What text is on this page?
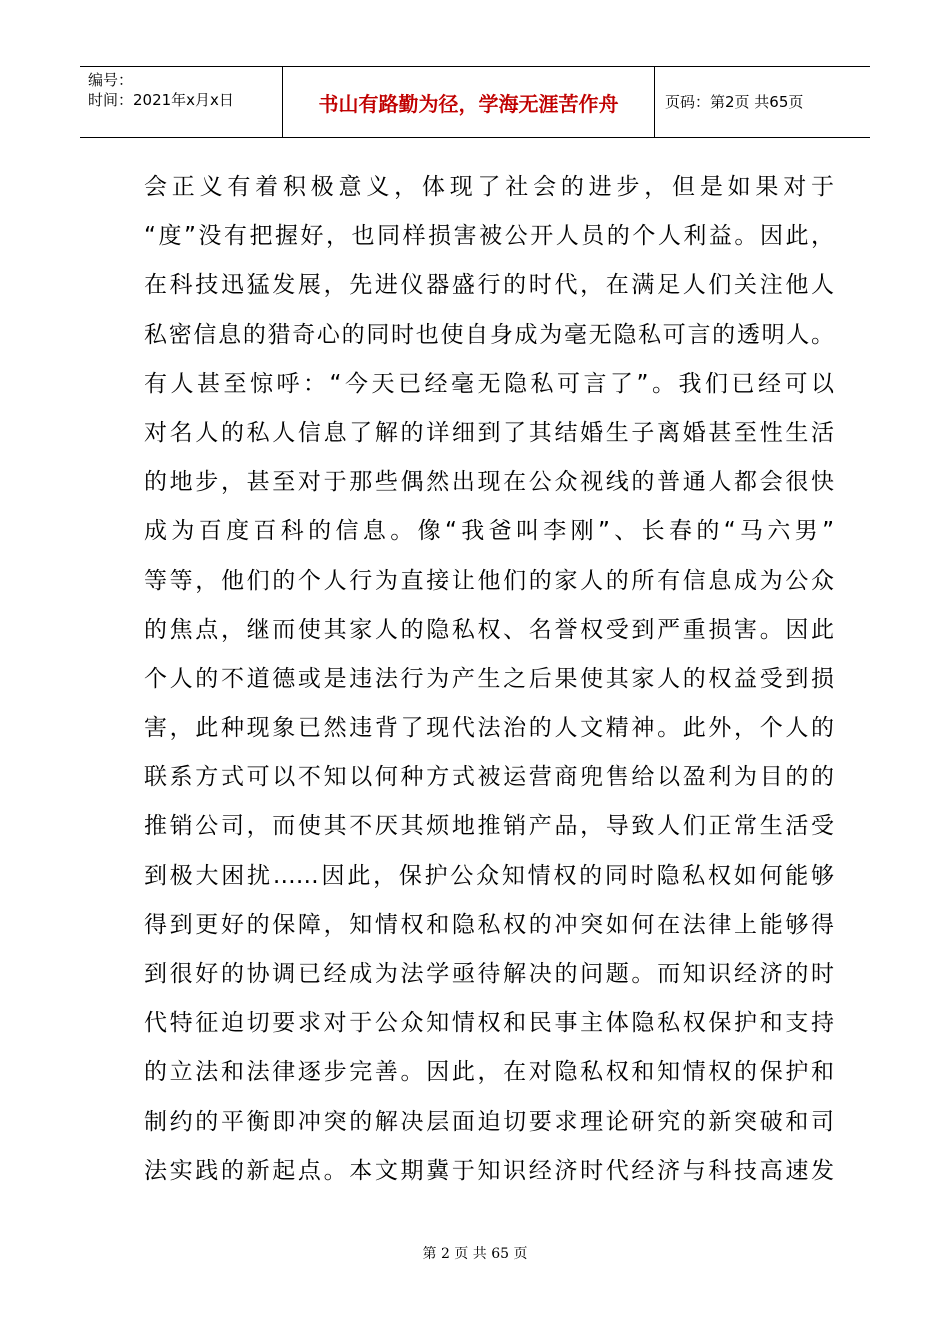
编号：
时间：2021年x月x日	书山有路勤为径，学海无涯苦作舟	页码：第2页 共65页
会正义有着积极意义，体现了社会的进步，但是如果对于
“度”没有把握好，也同样损害被公开人员的个人利益。因此，
在科技迅猛发展，先进仪器盛行的时代，在满足人们关注他人
私密信息的猎奇心的同时也使自身成为毫无隐私可言的透明人。
有人甚至惊呼：“今天已经毫无隐私可言了”。我们已经可以
对名人的私人信息了解的详细到了其结婚生子离婚甚至性生活
的地步，甚至对于那些偶然出现在公众视线的普通人都会很快
成为百度百科的信息。像“我爸叫李刚”、长春的“马六男”
等等，他们的个人行为直接让他们的家人的所有信息成为公众
的焦点，继而使其家人的隐私权、名誉权受到严重损害。因此
个人的不道德或是违法行为产生之后果使其家人的权益受到损
害，此种现象已然违背了现代法治的人文精神。此外，个人的
联系方式可以不知以何种方式被运营商兜售给以盈利为目的的
推销公司，而使其不厌其烦地推销产品，导致人们正常生活受
到极大困扰……因此，保护公众知情权的同时隐私权如何能够
得到更好的保障，知情权和隐私权的冲突如何在法律上能够得
到很好的协调已经成为法学亟待解决的问题。而知识经济的时
代特征迫切要求对于公众知情权和民事主体隐私权保护和支持
的立法和法律逐步完善。因此，在对隐私权和知情权的保护和
制约的平衡即冲突的解决层面迫切要求理论研究的新突破和司
法实践的新起点。本文期冀于知识经济时代经济与科技高速发
第 2 页 共 65 页
